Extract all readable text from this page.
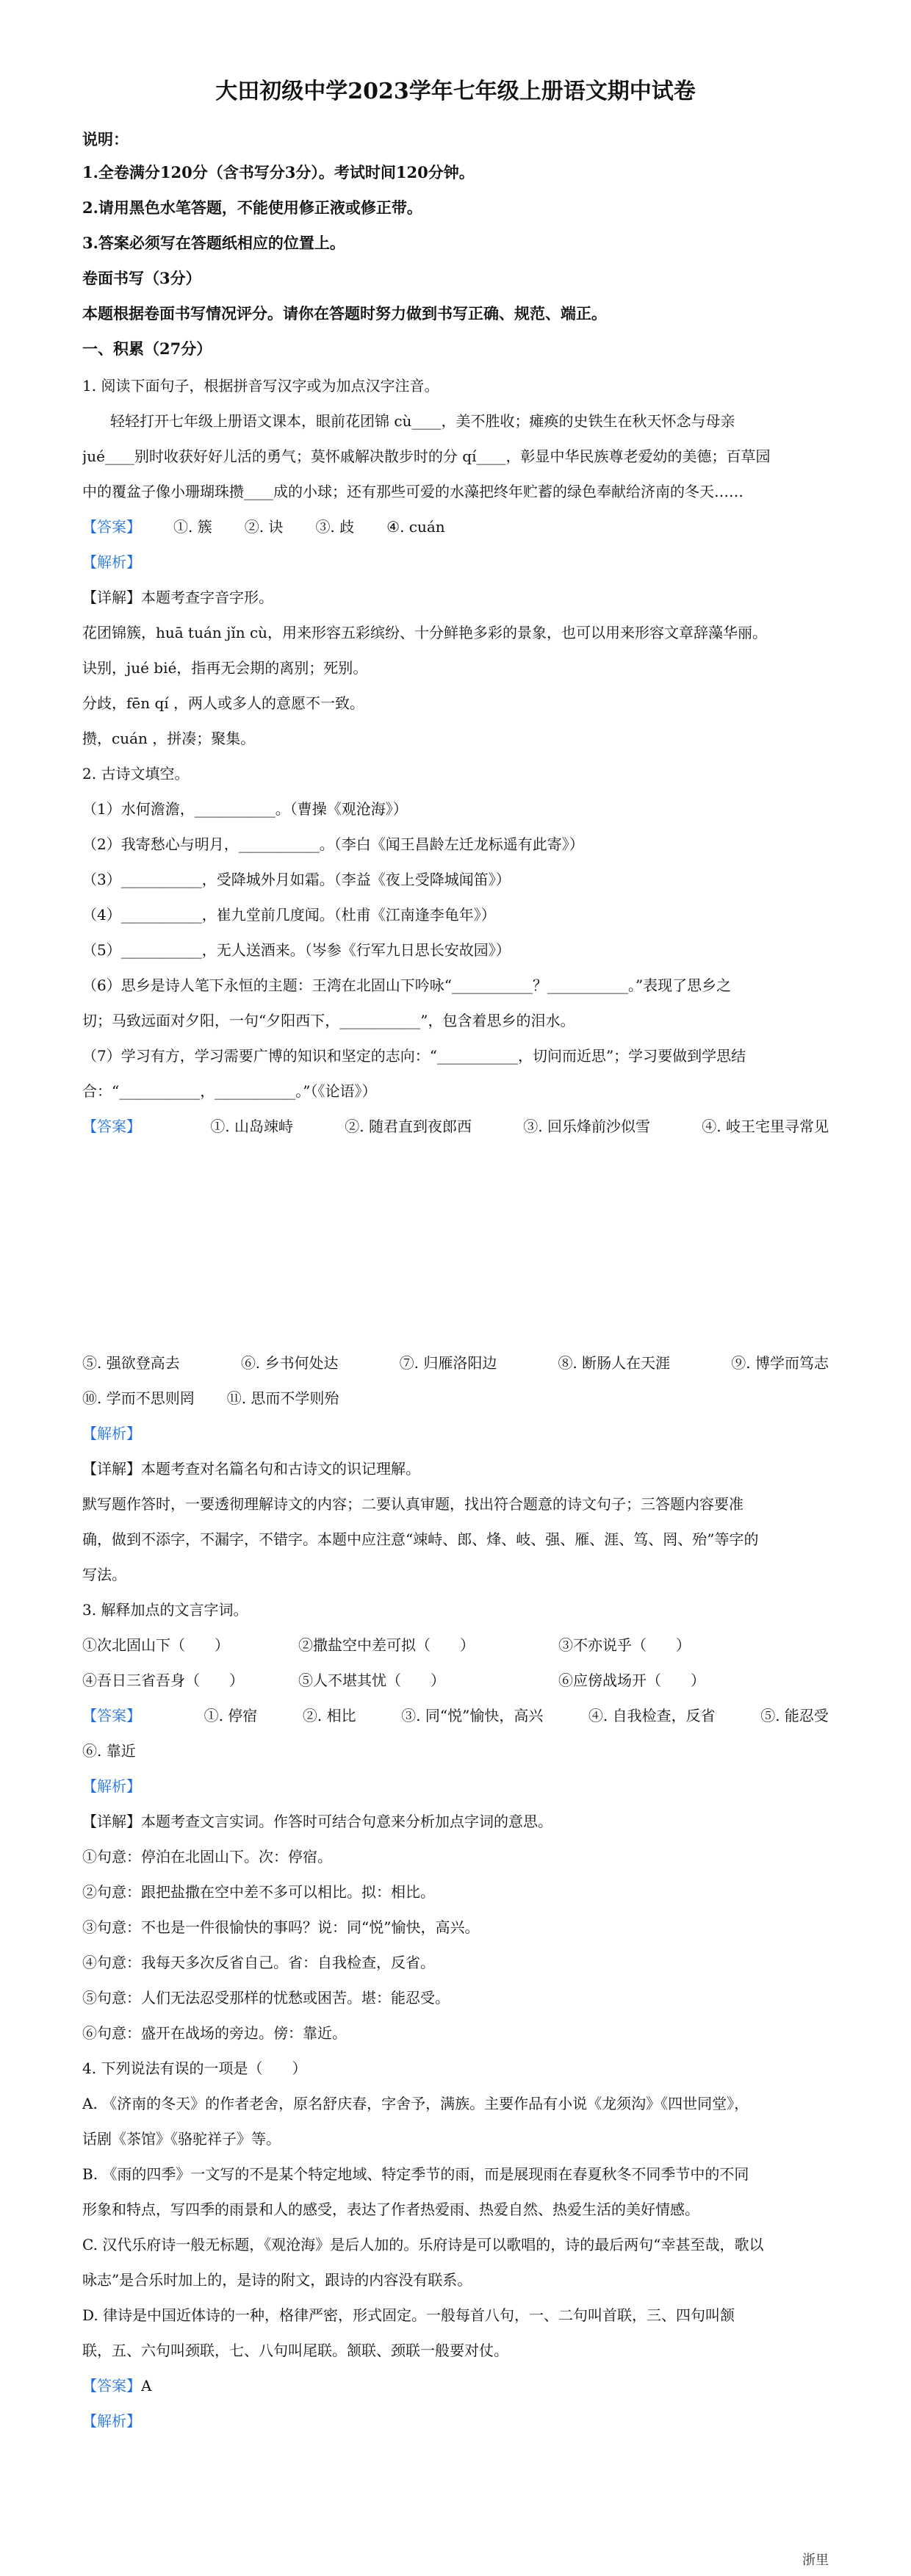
大田初级中学2023学年七年级上册语文期中试卷
说明：
1.全卷满分120分（含书写分3分）。考试时间120分钟。
2.请用黑色水笔答题，不能使用修正液或修正带。
3.答案必须写在答题纸相应的位置上。
卷面书写（3分）
本题根据卷面书写情况评分。请你在答题时努力做到书写正确、规范、端正。
一、积累（27分）
1. 阅读下面句子，根据拼音写汉字或为加点汉字注音。
轻轻打开七年级上册语文课本，眼前花团锦 cù____，美不胜收；瘫痪的史铁生在秋天怀念与母亲
jué____别时收获好好儿活的勇气；莫怀戚解决散步时的分 qí____，彰显中华民族尊老爱幼的美德；百草园
中的覆盆子像小珊瑚珠攒____成的小球；还有那些可爱的水藻把终年贮蓄的绿色奉献给济南的冬天……
【答案】 ①. 簇 ②. 诀 ③. 歧 ④. cuán
【解析】
【详解】本题考查字音字形。
花团锦簇，huā tuán jǐn cù，用来形容五彩缤纷、十分鲜艳多彩的景象，也可以用来形容文章辞藻华丽。
诀别，jué bié，指再无会期的离别；死别。
分歧，fēn qí ，两人或多人的意愿不一致。
攒，cuán ，拼凑；聚集。
2. 古诗文填空。
（1）水何澹澹，___________。（曹操《观沧海》）
（2）我寄愁心与明月，___________。（李白《闻王昌龄左迁龙标遥有此寄》）
（3）___________，受降城外月如霜。（李益《夜上受降城闻笛》）
（4）___________，崔九堂前几度闻。（杜甫《江南逢李龟年》）
（5）___________，无人送酒来。（岑参《行军九日思长安故园》）
（6）思乡是诗人笔下永恒的主题：王湾在北固山下吟咏“___________？___________。”表现了思乡之
切；马致远面对夕阳，一句“夕阳西下，___________”，包含着思乡的泪水。
（7）学习有方，学习需要广博的知识和坚定的志向：“___________，切问而近思”；学习要做到学思结
合：“___________，___________。”（《论语》）
【答案】	①. 山岛竦峙	②. 随君直到夜郎西	③. 回乐烽前沙似雪	④. 岐王宅里寻常见
⑤. 强欲登高去	⑥. 乡书何处达	⑦. 归雁洛阳边	⑧. 断肠人在天涯	⑨. 博学而笃志
⑩. 学而不思则罔 ⑪. 思而不学则殆
【解析】
【详解】本题考查对名篇名句和古诗文的识记理解。
默写题作答时，一要透彻理解诗文的内容；二要认真审题，找出符合题意的诗文句子；三答题内容要准
确，做到不添字，不漏字，不错字。本题中应注意“竦峙、郎、烽、岐、强、雁、涯、笃、罔、殆”等字的
写法。
3. 解释加点的文言字词。
①次北固山下（　　）	②撒盐空中差可拟（　　）	③不亦说乎（　　）
④吾日三省吾身（　　）	⑤人不堪其忧（　　）	⑥应傍战场开（　　）
【答案】	①. 停宿	②. 相比	③. 同“悦”愉快，高兴	④. 自我检查，反省	⑤. 能忍受
⑥. 靠近
【解析】
【详解】本题考查文言实词。作答时可结合句意来分析加点字词的意思。
①句意：停泊在北固山下。次：停宿。
②句意：跟把盐撒在空中差不多可以相比。拟：相比。
③句意：不也是一件很愉快的事吗？说：同“悦”愉快，高兴。
④句意：我每天多次反省自己。省：自我检查，反省。
⑤句意：人们无法忍受那样的忧愁或困苦。堪：能忍受。
⑥句意：盛开在战场的旁边。傍：靠近。
4. 下列说法有误的一项是（　　）
A. 《济南的冬天》的作者老舍，原名舒庆春，字舍予，满族。主要作品有小说《龙须沟》《四世同堂》，
话剧《茶馆》《骆驼祥子》等。
B. 《雨的四季》一文写的不是某个特定地域、特定季节的雨，而是展现雨在春夏秋冬不同季节中的不同
形象和特点，写四季的雨景和人的感受，表达了作者热爱雨、热爱自然、热爱生活的美好情感。
C. 汉代乐府诗一般无标题，《观沧海》是后人加的。乐府诗是可以歌唱的，诗的最后两句“幸甚至哉，歌以
咏志”是合乐时加上的，是诗的附文，跟诗的内容没有联系。
D. 律诗是中国近体诗的一种，格律严密，形式固定。一般每首八句，一、二句叫首联，三、四句叫颔
联，五、六句叫颈联，七、八句叫尾联。颔联、颈联一般要对仗。
【答案】A
【解析】
浙里
